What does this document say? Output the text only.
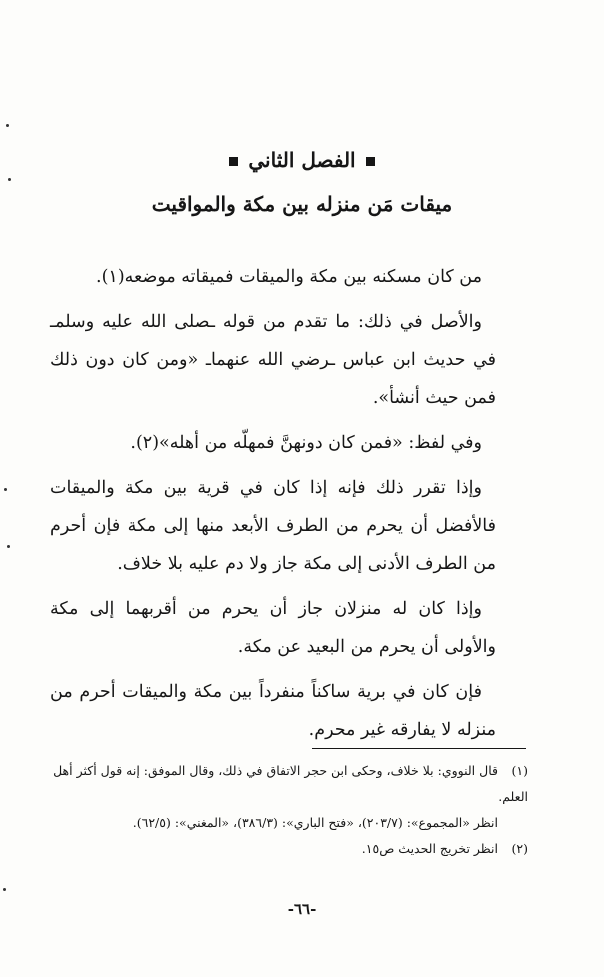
الفصل الثاني
ميقات مَن منزله بين مكة والمواقيت

من كان مسكنه بين مكة والميقات فميقاته موضعه(١).

والأصل في ذلك: ما تقدم من قوله ـصلى الله عليه وسلمـ في حديث ابن عباس ـرضي الله عنهماـ «ومن كان دون ذلك فمن حيث أنشأ».

وفي لفظ: «فمن كان دونهنَّ فمهلّه من أهله»(٢).

وإذا تقرر ذلك فإنه إذا كان في قرية بين مكة والميقات فالأفضل أن يحرم من الطرف الأبعد منها إلى مكة فإن أحرم من الطرف الأدنى إلى مكة جاز ولا دم عليه بلا خلاف.

وإذا كان له منزلان جاز أن يحرم من أقربهما إلى مكة والأولى أن يحرم من البعيد عن مكة.

فإن كان في برية ساكناً منفرداً بين مكة والميقات أحرم من منزله لا يفارقه غير محرم.

(١)قال النووي: بلا خلاف، وحكى ابن حجر الاتفاق في ذلك، وقال الموفق: إنه قول أكثر أهل العلم.

انظر «المجموع»: (٢٠٣/٧)، «فتح الباري»: (٣٨٦/٣)، «المغني»: (٦٢/٥).

(٢)انظر تخريج الحديث ص١٥.

-٦٦-
